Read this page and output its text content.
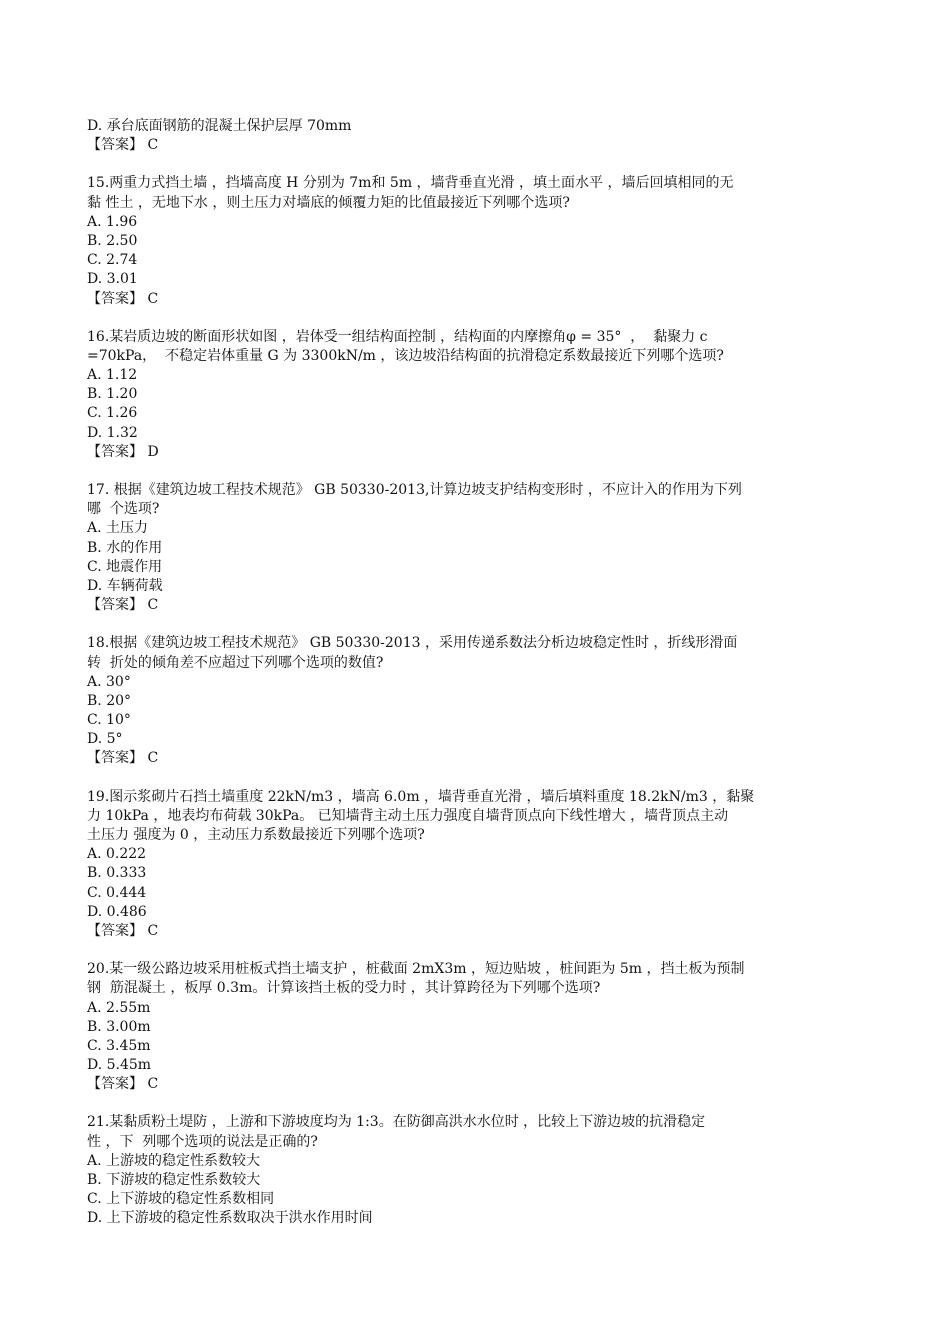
D. 承台底面钢筋的混凝土保护层厚 70mm
【答案】 C
15.两重力式挡土墙 ，挡墙高度 H 分别为 7m和 5m ，墙背垂直光滑 ，填土面水平 ，墙后回填相同的无
黏 性土 ，无地下水 ，则土压力对墙底的倾覆力矩的比值最接近下列哪个选项?
A. 1.96
B. 2.50
C. 2.74
D. 3.01
【答案】 C
16.某岩质边坡的断面形状如图 ，岩体受一组结构面控制 ，结构面的内摩擦角φ = 35°  ，  黏聚力 c
=70kPa，  不稳定岩体重量 G 为 3300kN/m ，该边坡沿结构面的抗滑稳定系数最接近下列哪个选项?
A. 1.12
B. 1.20
C. 1.26
D. 1.32
【答案】 D
17. 根据《建筑边坡工程技术规范》 GB 50330-2013,计算边坡支护结构变形时 ，不应计入的作用为下列
哪  个选项?
A. 土压力
B. 水的作用
C. 地震作用
D. 车辆荷载
【答案】 C
18.根据《建筑边坡工程技术规范》 GB 50330-2013 ，采用传递系数法分析边坡稳定性时 ，折线形滑面
转  折处的倾角差不应超过下列哪个选项的数值?
A. 30°
B. 20°
C. 10°
D. 5°
【答案】 C
19.图示浆砌片石挡土墙重度 22kN/m3 ，墙高 6.0m ，墙背垂直光滑 ，墙后填料重度 18.2kN/m3 ，黏聚
力 10kPa ，地表均布荷载 30kPa。 已知墙背主动土压力强度自墙背顶点向下线性增大 ，墙背顶点主动
土压力 强度为 0 ，主动压力系数最接近下列哪个选项?
A. 0.222
B. 0.333
C. 0.444
D. 0.486
【答案】 C
20.某一级公路边坡采用桩板式挡土墙支护 ，桩截面 2mX3m ，短边贴坡 ，桩间距为 5m ，挡土板为预制
钢  筋混凝土 ，板厚 0.3m。计算该挡土板的受力时 ，其计算跨径为下列哪个选项?
A. 2.55m
B. 3.00m
C. 3.45m
D. 5.45m
【答案】 C
21.某黏质粉土堤防 ，上游和下游坡度均为 1:3。在防御高洪水水位时 ，比较上下游边坡的抗滑稳定
性 ，下  列哪个选项的说法是正确的?
A. 上游坡的稳定性系数较大
B. 下游坡的稳定性系数较大
C. 上下游坡的稳定性系数相同
D. 上下游坡的稳定性系数取决于洪水作用时间
